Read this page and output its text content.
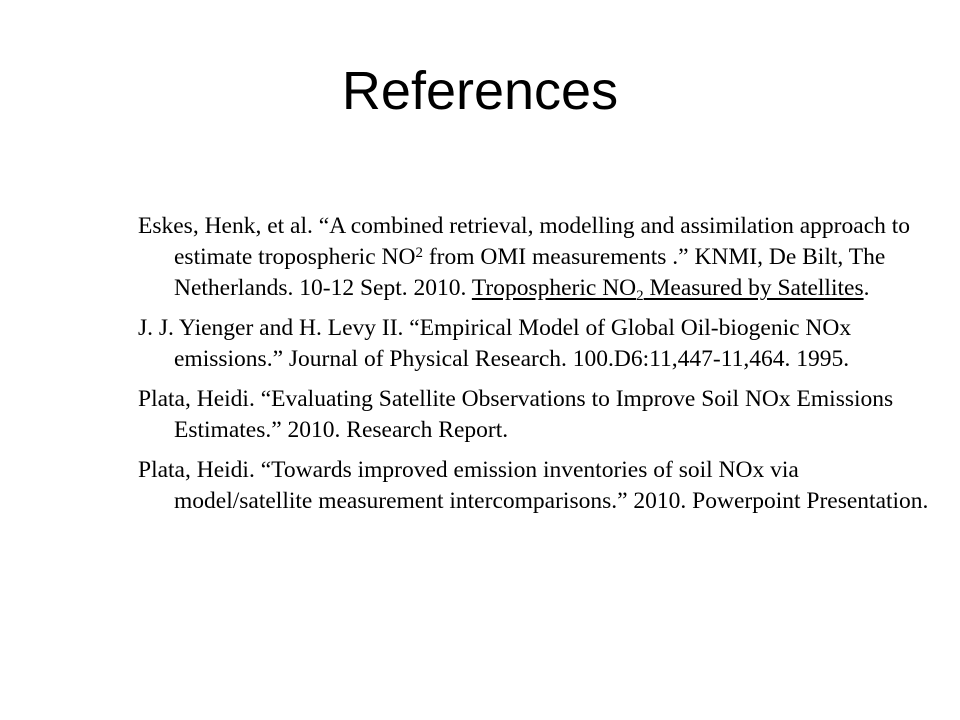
References

Eskes, Henk, et al. “A combined retrieval, modelling and assimilation approach to estimate tropospheric $NO^2$ from OMI measurements .” KNMI, De Bilt, The Netherlands. 10-12 Sept. 2010. Tropospheric $NO_2$ Measured by Satellites.

J. J. Yienger and H. Levy II. “Empirical Model of Global Oil-biogenic NOx emissions.” Journal of Physical Research. 100.D6:11,447-11,464. 1995.

Plata, Heidi. “Evaluating Satellite Observations to Improve Soil NOx Emissions Estimates.” 2010. Research Report.

Plata, Heidi. “Towards improved emission inventories of soil NOx via model/satellite measurement intercomparisons.” 2010. Powerpoint Presentation.
